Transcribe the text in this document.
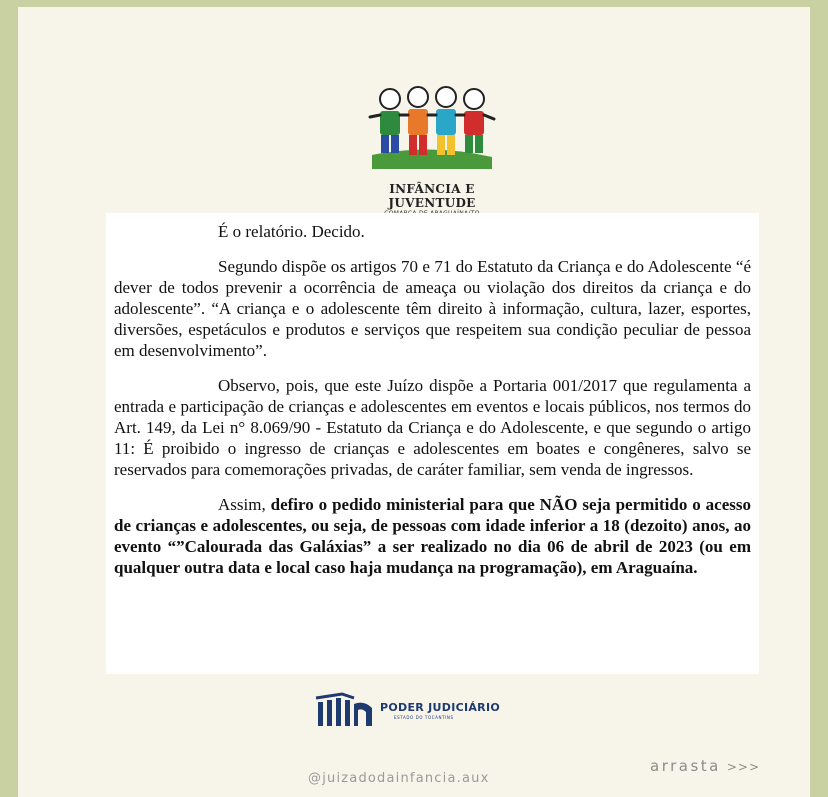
INFÂNCIA E JUVENTUDE

É o relatório. Decido.

Segundo dispõe os artigos 70 e 71 do Estatuto da Criança e do Adolescente “é dever de todos prevenir a ocorrência de ameaça ou violação dos direitos da criança e do adolescente”. “A criança e o adolescente têm direito à informação, cultura, lazer, esportes, diversões, espetáculos e produtos e serviços que respeitem sua condição peculiar de pessoa em desenvolvimento”.

Observo, pois, que este Juízo dispõe a Portaria 001/2017 que regulamenta a entrada e participação de crianças e adolescentes em eventos e locais públicos, nos termos do Art. 149, da Lei n° 8.069/90 - Estatuto da Criança e do Adolescente, e que segundo o artigo 11: É proibido o ingresso de crianças e adolescentes em boates e congêneres, salvo se reservados para comemorações privadas, de caráter familiar, sem venda de ingressos.

Assim, defiro o pedido ministerial para que NÃO seja permitido o acesso de crianças e adolescentes, ou seja, de pessoas com idade inferior a 18 (dezoito) anos, ao evento “”Calourada das Galáxias” a ser realizado no dia 06 de abril de 2023 (ou em qualquer outra data e local caso haja mudança na programação), em Araguaína.

PODER JUDICIÁRIO
ESTADO DO TOCANTINS
@juizadodainfancia.aux
arrasta >>>
